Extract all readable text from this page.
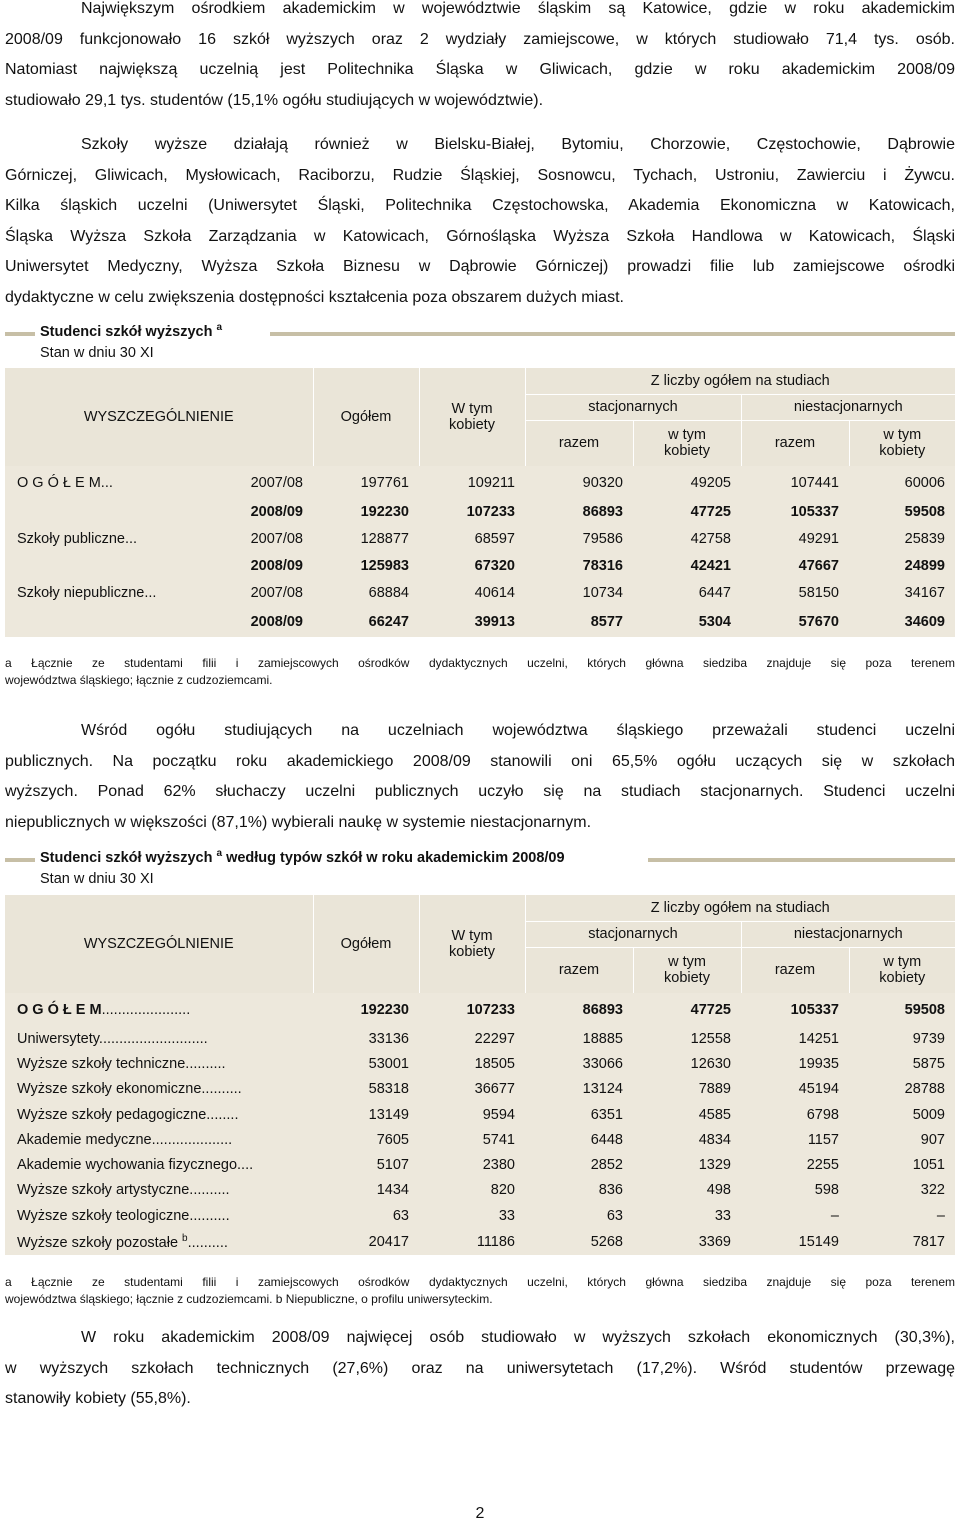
Największym ośrodkiem akademickim w województwie śląskim są Katowice, gdzie w roku akademickim
2008/09 funkcjonowało 16 szkół wyższych oraz 2 wydziały zamiejscowe, w których studiowało 71,4 tys. osób.
Natomiast największą uczelnią jest Politechnika Śląska w Gliwicach, gdzie w roku akademickim 2008/09
studiowało 29,1 tys. studentów (15,1% ogółu studiujących w województwie).
Szkoły wyższe działają również w Bielsku-Białej, Bytomiu, Chorzowie, Częstochowie, Dąbrowie
Górniczej, Gliwicach, Mysłowicach, Raciborzu, Rudzie Śląskiej, Sosnowcu, Tychach, Ustroniu, Zawierciu i Żywcu.
Kilka śląskich uczelni (Uniwersytet Śląski, Politechnika Częstochowska, Akademia Ekonomiczna w Katowicach,
Śląska Wyższa Szkoła Zarządzania w Katowicach, Górnośląska Wyższa Szkoła Handlowa w Katowicach, Śląski
Uniwersytet Medyczny, Wyższa Szkoła Biznesu w Dąbrowie Górniczej) prowadzi filie lub zamiejscowe ośrodki
dydaktyczne w celu zwiększenia dostępności kształcenia poza obszarem dużych miast.
Studenci szkół wyższych $^a$
Stan w dniu 30 XI
WYSZCZEGÓLNIENIE	Ogółem	W tym kobiety	Z liczby ogółem na studiach			
			stacjonarnych		niestacjonarnych	
			razem	w tym kobiety	razem	w tym kobiety

O G Ó Ł E M... 2007/08	197761	109211	90320	49205	107441	60006

2008/09	192230	107233	86893	47725	105337	59508

Szkoły publiczne... 2007/08	128877	68597	79586	42758	49291	25839

2008/09	125983	67320	78316	42421	47667	24899

Szkoły niepubliczne... 2007/08	68884	40614	10734	6447	58150	34167

2008/09	66247	39913	8577	5304	57670	34609
a Łącznie ze studentami filii i zamiejscowych ośrodków dydaktycznych uczelni, których główna siedziba znajduje się poza terenem
województwa śląskiego; łącznie z cudzoziemcami.
Wśród ogółu studiujących na uczelniach województwa śląskiego przeważali studenci uczelni
publicznych. Na początku roku akademickiego 2008/09 stanowili oni 65,5% ogółu uczących się w szkołach
wyższych. Ponad 62% słuchaczy uczelni publicznych uczyło się na studiach stacjonarnych. Studenci uczelni
niepublicznych w większości (87,1%) wybierali naukę w systemie niestacjonarnym.
Studenci szkół wyższych $^a$ według typów szkół w roku akademickim 2008/09
Stan w dniu 30 XI
WYSZCZEGÓLNIENIE	Ogółem	W tym kobiety	Z liczby ogółem na studiach			
			stacjonarnych		niestacjonarnych	
			razem	w tym kobiety	razem	w tym kobiety
O G Ó Ł E M......................	192230	107233	86893	47725	105337	59508
Uniwersytety...........................	33136	22297	18885	12558	14251	9739
Wyższe szkoły techniczne..........	53001	18505	33066	12630	19935	5875
Wyższe szkoły ekonomiczne..........	58318	36677	13124	7889	45194	28788
Wyższe szkoły pedagogiczne........	13149	9594	6351	4585	6798	5009
Akademie medyczne....................	7605	5741	6448	4834	1157	907
Akademie wychowania fizycznego....	5107	2380	2852	1329	2255	1051
Wyższe szkoły artystyczne..........	1434	820	836	498	598	322
Wyższe szkoły teologiczne..........	63	33	63	33	–	–
Wyższe szkoły pozostałe $^b$..........	20417	11186	5268	3369	15149	7817
a Łącznie ze studentami filii i zamiejscowych ośrodków dydaktycznych uczelni, których główna siedziba znajduje się poza terenem
województwa śląskiego; łącznie z cudzoziemcami. b Niepubliczne, o profilu uniwersyteckim.
W roku akademickim 2008/09 najwięcej osób studiowało w wyższych szkołach ekonomicznych (30,3%),
w wyższych szkołach technicznych (27,6%) oraz na uniwersytetach (17,2%). Wśród studentów przewagę
stanowiły kobiety (55,8%).
2
